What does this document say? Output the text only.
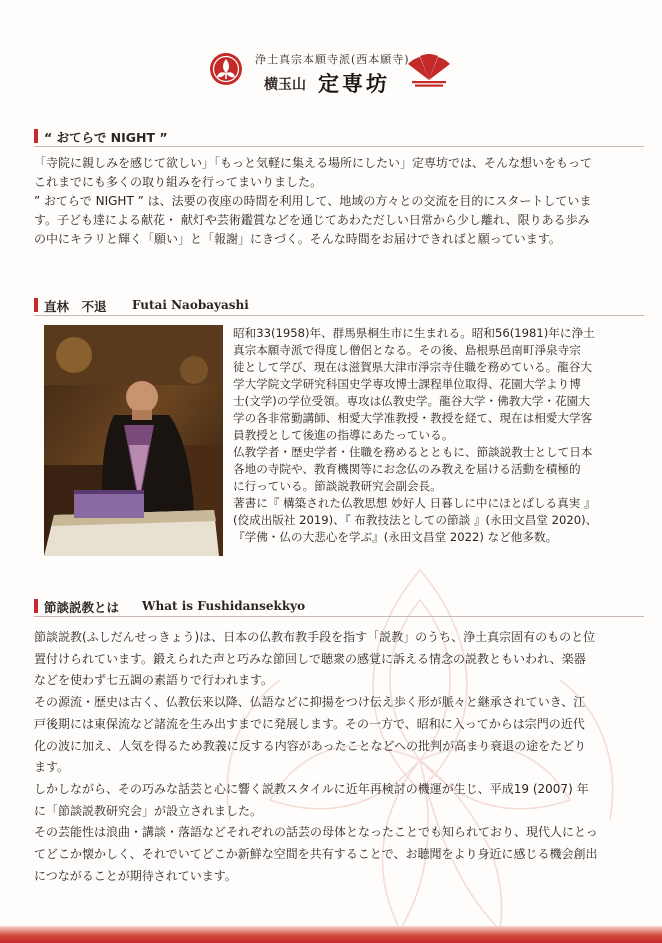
浄土真宗本願寺派(西本願寺)
横玉山 定専坊
“ おてらで NIGHT ”
「寺院に親しみを感じて欲しい」「もっと気軽に集える場所にしたい」定専坊では、そんな想いをもって
これまでにも多くの取り組みを行ってまいりました。
” おてらで NIGHT ” は、法要の夜座の時間を利用して、地域の方々との交流を目的にスタートしていま
す。子ども達による献花・ 献灯や芸術鑑賞などを通じてあわただしい日常から少し離れ、限りある歩み
の中にキラリと輝く「願い」と「報謝」にきづく。そんな時間をお届けできればと願っています。
直林　不退 Futai Naobayashi
昭和33(1958)年、群馬県桐生市に生まれる。昭和56(1981)年に浄土
真宗本願寺派で得度し僧侶となる。その後、島根県邑南町淨泉寺宗
徒として学び、現在は滋賀県大津市淨宗寺住職を務めている。龍谷大
学大学院文学研究科国史学専攻博士課程単位取得、花園大学より博
士(文学)の学位受領。専攻は仏教史学。龍谷大学・佛教大学・花園大
学の各非常勤講師、相愛大学准教授・教授を経て、現在は相愛大学客
員教授として後進の指導にあたっている。
仏教学者・歴史学者・住職を務めるとともに、節談説教士として日本
各地の寺院や、教育機関等にお念仏のみ教えを届ける活動を積極的
に行っている。節談説教研究会副会長。
著書に『 構築された仏教思想 妙好人 日暮しに中にほとばしる真実 』
(佼成出版社 2019)、『 布教技法としての節談 』(永田文昌堂 2020)、
『学佛・仏の大悲心を学ぶ』(永田文昌堂 2022) など他多数。
節談説教とは What is Fushidansekkyo
節談説教(ふしだんせっきょう)は、日本の仏教布教手段を指す「説教」のうち、浄土真宗固有のものと位
置付けられています。鍛えられた声と巧みな節回しで聴衆の感覚に訴える情念の説教ともいわれ、楽器
などを使わず七五調の素語りで行われます。
その源流・歴史は古く、仏教伝来以降、仏語などに抑揚をつけ伝え歩く形が脈々と継承されていき、江
戸後期には東保流など諸流を生み出すまでに発展します。その一方で、昭和に入ってからは宗門の近代
化の波に加え、人気を得るため教義に反する内容があったことなどへの批判が高まり衰退の途をたどり
ます。
しかしながら、その巧みな話芸と心に響く説教スタイルに近年再検討の機運が生じ、平成19 (2007) 年
に「節談説教研究会」が設立されました。
その芸能性は浪曲・講談・落語などそれぞれの話芸の母体となったことでも知られており、現代人にとっ
てどこか懐かしく、それでいてどこか新鮮な空間を共有することで、お聴聞をより身近に感じる機会創出
につながることが期待されています。
